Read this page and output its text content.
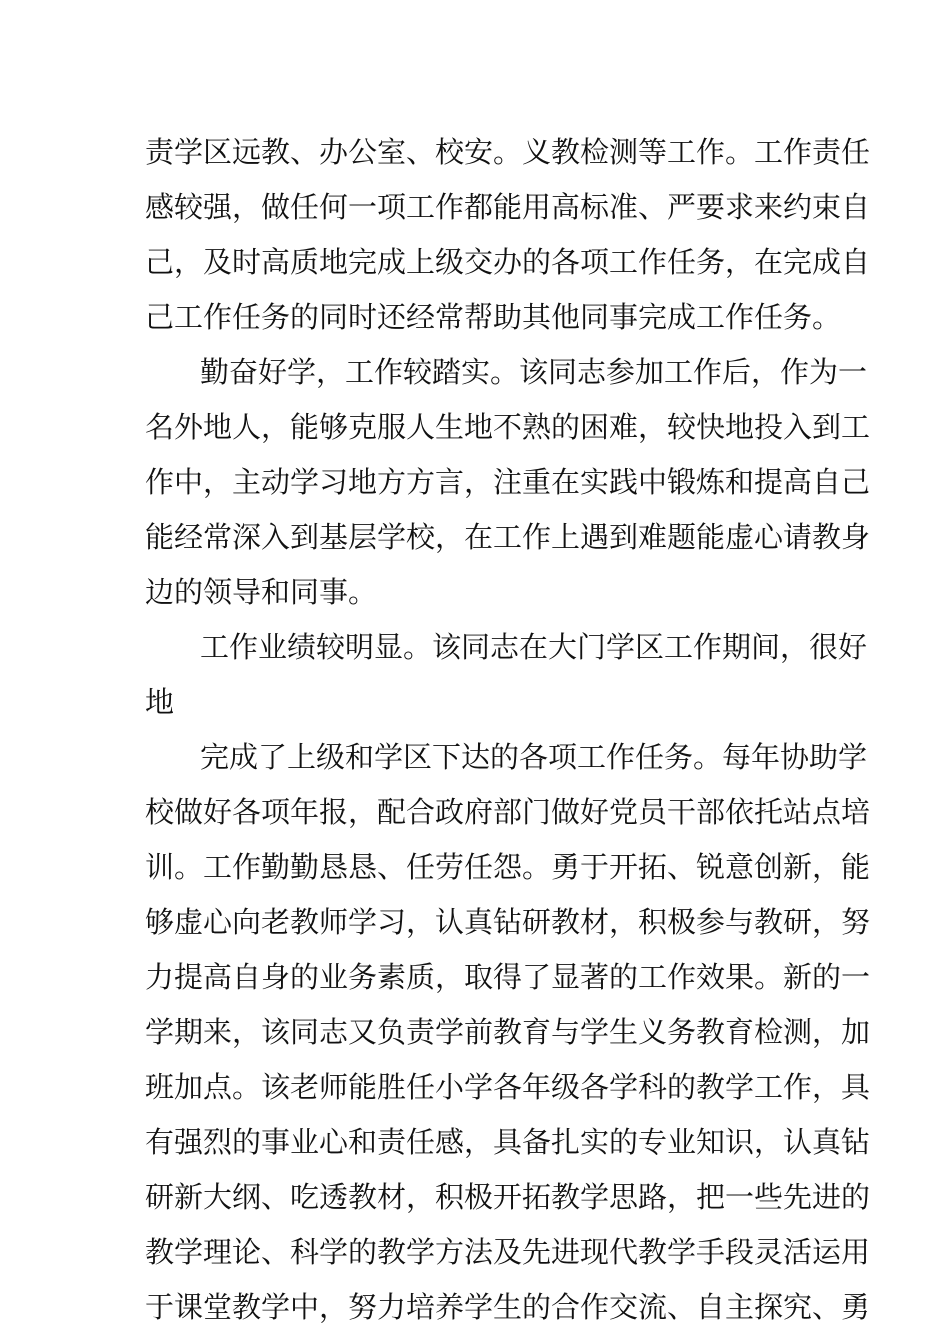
责学区远教、办公室、校安。义教检测等工作。工作责任
感较强，做任何一项工作都能用高标准、严要求来约束自
己，及时高质地完成上级交办的各项工作任务，在完成自
己工作任务的同时还经常帮助其他同事完成工作任务。
勤奋好学，工作较踏实。该同志参加工作后，作为一
名外地人，能够克服人生地不熟的困难，较快地投入到工
作中，主动学习地方方言，注重在实践中锻炼和提高自己
能经常深入到基层学校，在工作上遇到难题能虚心请教身
边的领导和同事。
工作业绩较明显。该同志在大门学区工作期间，很好
地
完成了上级和学区下达的各项工作任务。每年协助学
校做好各项年报，配合政府部门做好党员干部依托站点培
训。工作勤勤恳恳、任劳任怨。勇于开拓、锐意创新，能
够虚心向老教师学习，认真钻研教材，积极参与教研，努
力提高自身的业务素质，取得了显著的工作效果。新的一
学期来，该同志又负责学前教育与学生义务教育检测，加
班加点。该老师能胜任小学各年级各学科的教学工作，具
有强烈的事业心和责任感，具备扎实的专业知识，认真钻
研新大纲、吃透教材，积极开拓教学思路，把一些先进的
教学理论、科学的教学方法及先进现代教学手段灵活运用
于课堂教学中，努力培养学生的合作交流、自主探究、勇
